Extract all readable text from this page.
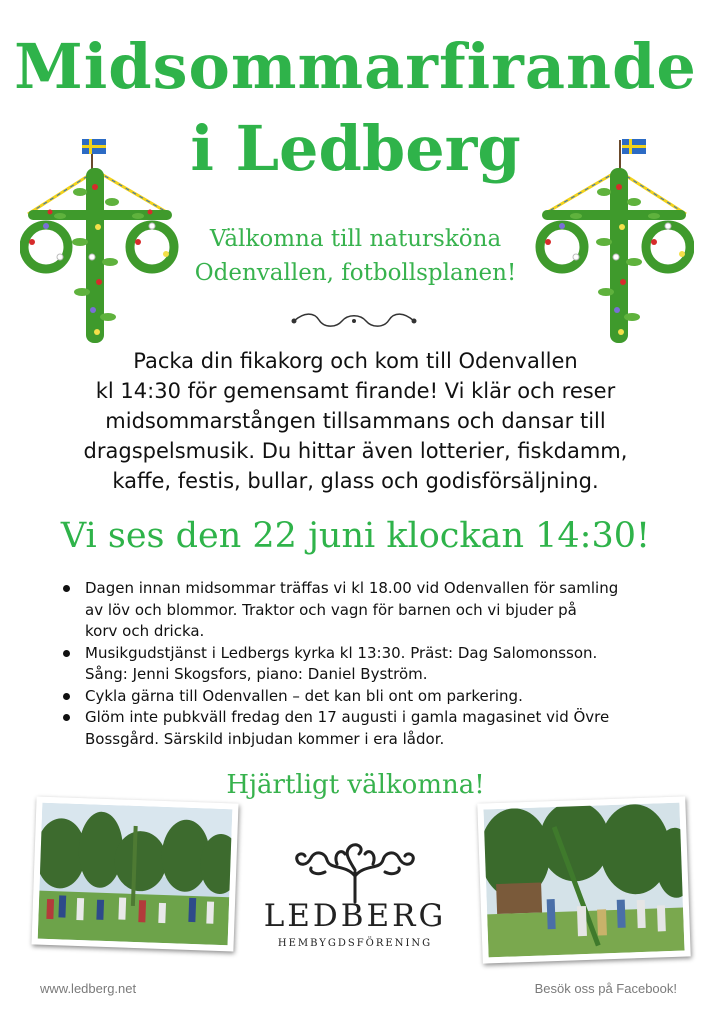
Midsommarfirande
i Ledberg
Välkomna till natursköna
Odenvallen, fotbollsplanen!
Packa din fikakorg och kom till Odenvallen
kl 14:30 för gemensamt firande! Vi klär och reser
midsommarstången tillsammans och dansar till
dragspelsmusik. Du hittar även lotterier, fiskdamm,
kaffe, festis, bullar, glass och godisförsäljning.
Vi ses den 22 juni klockan 14:30!
Dagen innan midsommar träffas vi kl 18.00 vid Odenvallen för samling
av löv och blommor. Traktor och vagn för barnen och vi bjuder på
korv och dricka.
Musikgudstjänst i Ledbergs kyrka kl 13:30. Präst: Dag Salomonsson.
Sång: Jenni Skogsfors, piano: Daniel Byström.
Cykla gärna till Odenvallen – det kan bli ont om parkering.
Glöm inte pubkväll fredag den 17 augusti i gamla magasinet vid Övre
Bossgård. Särskild inbjudan kommer i era lådor.
Hjärtligt välkomna!
LEDBERG
HEMBYGDSFÖRENING
www.ledberg.net	Besök oss på Facebook!
